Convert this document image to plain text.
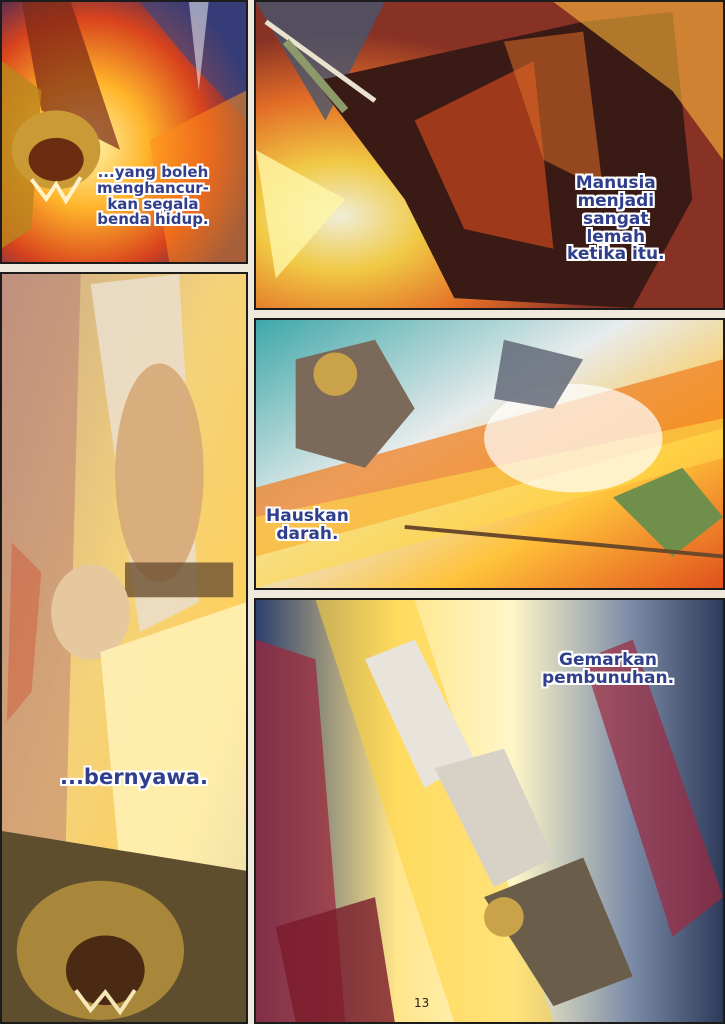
...yang boleh
menghancur-
kan segala
benda hidup.
Manusia
menjadi
sangat
lemah
ketika itu.
...bernyawa.
Hauskan
darah.
Gemarkan
pembunuhan.
13
